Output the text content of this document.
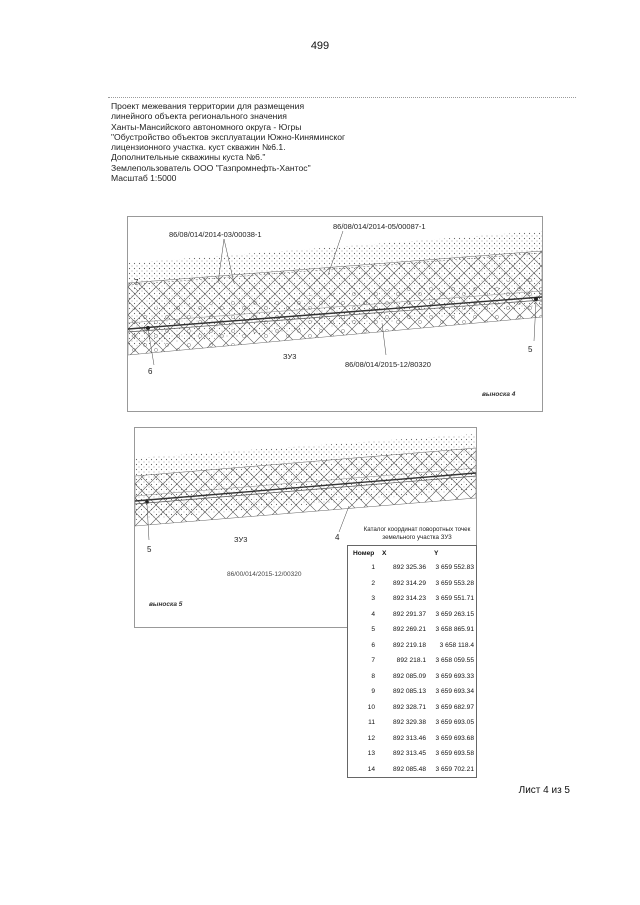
499
Проект межевания территории для размещения
линейного объекта регионального значения
Ханты-Мансийского автономного округа - Югры
"Обустройство объектов эксплуатации Южно-Киняминског
лицензионного участка. куст скважин №6.1.
Дополнительные скважины куста №6."
Землепользователь ООО "Газпромнефть-Хантос"
Масштаб 1:5000
86/08/014/2014-03/00038-1
86/08/014/2014-05/00087-1
86/08/014/2015-12/80320
ЗУ3
7
6
5
выноска 4
5
ЗУ3	4
86/00/014/2015-12/00320
выноска 5
Каталог координат поворотных точек
земельного участка ЗУ3
Номер	X	Y
1	892 325.36	3 659 552.83
2	892 314.29	3 659 553.28
3	892 314.23	3 659 551.71
4	892 291.37	3 659 263.15
5	892 269.21	3 658 865.91
6	892 219.18	3 658 118.4
7	892 218.1	3 658 059.55
8	892 085.09	3 659 693.33
9	892 085.13	3 659 693.34
10	892 328.71	3 659 682.97
11	892 329.38	3 659 693.05
12	892 313.46	3 659 693.68
13	892 313.45	3 659 693.58
14	892 085.48	3 659 702.21
Лист 4 из 5
